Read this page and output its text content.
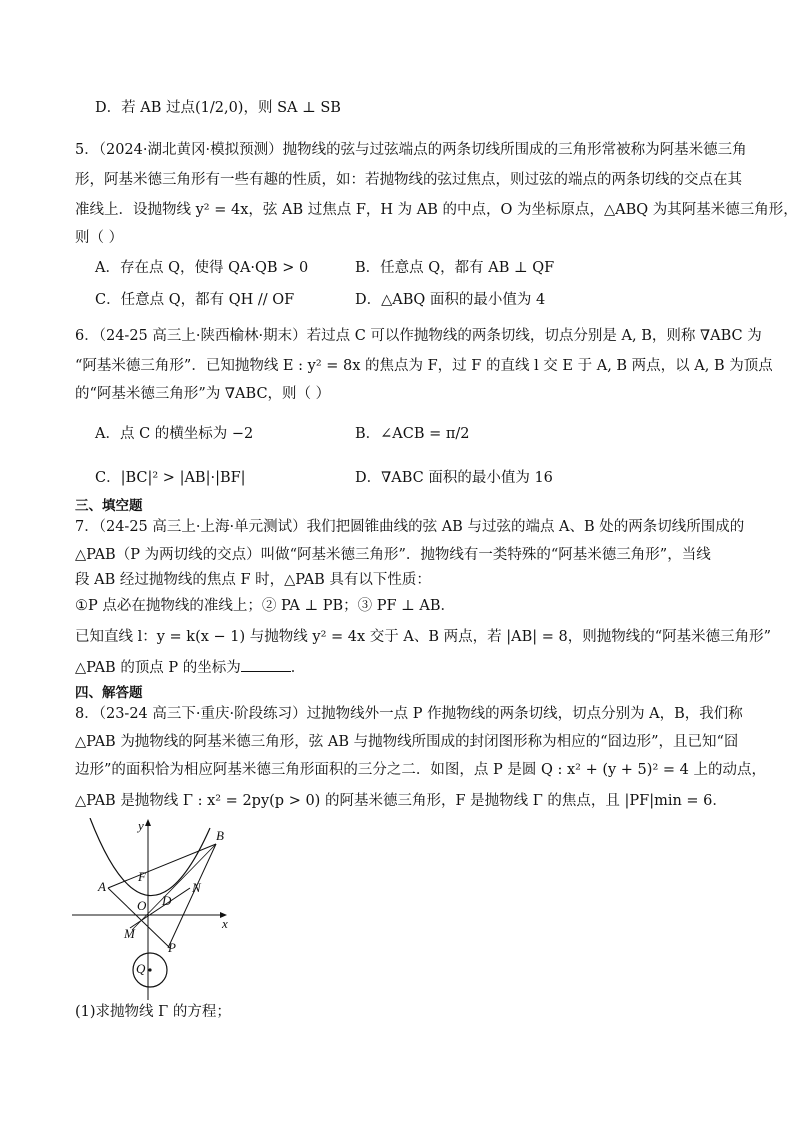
D．若 AB 过点(1/2,0)，则 SA ⊥ SB
5．（2024·湖北黄冈·模拟预测）抛物线的弦与过弦端点的两条切线所围成的三角形常被称为阿基米德三角
形，阿基米德三角形有一些有趣的性质，如：若抛物线的弦过焦点，则过弦的端点的两条切线的交点在其
准线上．设抛物线 y² = 4x，弦 AB 过焦点 F，H 为 AB 的中点，O 为坐标原点，△ABQ 为其阿基米德三角形，
则（ ）
A．存在点 Q，使得 QA·QB > 0	B．任意点 Q，都有 AB ⊥ QF
C．任意点 Q，都有 QH // OF	D．△ABQ 面积的最小值为 4
6．（24-25 高三上·陕西榆林·期末）若过点 C 可以作抛物线的两条切线，切点分别是 A, B，则称 ∇ABC 为
“阿基米德三角形”．已知抛物线 E : y² = 8x 的焦点为 F，过 F 的直线 l 交 E 于 A, B 两点，以 A, B 为顶点
的“阿基米德三角形”为 ∇ABC，则（ ）
A．点 C 的横坐标为 −2	B．∠ACB = π/2
C．|BC|² > |AB|·|BF|	D．∇ABC 面积的最小值为 16
三、填空题
7．（24-25 高三上·上海·单元测试）我们把圆锥曲线的弦 AB 与过弦的端点 A、B 处的两条切线所围成的
△PAB（P 为两切线的交点）叫做“阿基米德三角形”．抛物线有一类特殊的“阿基米德三角形”，当线
段 AB 经过抛物线的焦点 F 时，△PAB 具有以下性质：
①P 点必在抛物线的准线上；② PA ⊥ PB；③ PF ⊥ AB．
已知直线 l：y = k(x − 1) 与抛物线 y² = 4x 交于 A、B 两点，若 |AB| = 8，则抛物线的“阿基米德三角形”
△PAB 的顶点 P 的坐标为	．
四、解答题
8．（23-24 高三下·重庆·阶段练习）过抛物线外一点 P 作抛物线的两条切线，切点分别为 A，B，我们称
△PAB 为抛物线的阿基米德三角形，弦 AB 与抛物线所围成的封闭图形称为相应的“囧边形”，且已知“囧
边形”的面积恰为相应阿基米德三角形面积的三分之二．如图，点 P 是圆 Q : x² + (y + 5)² = 4 上的动点，
△PAB 是抛物线 Γ : x² = 2py(p > 0) 的阿基米德三角形，F 是抛物线 Γ 的焦点，且 |PF|min = 6．
(1)求抛物线 Γ 的方程；
y
x
B
A
F
O D
N
M
P
Q
